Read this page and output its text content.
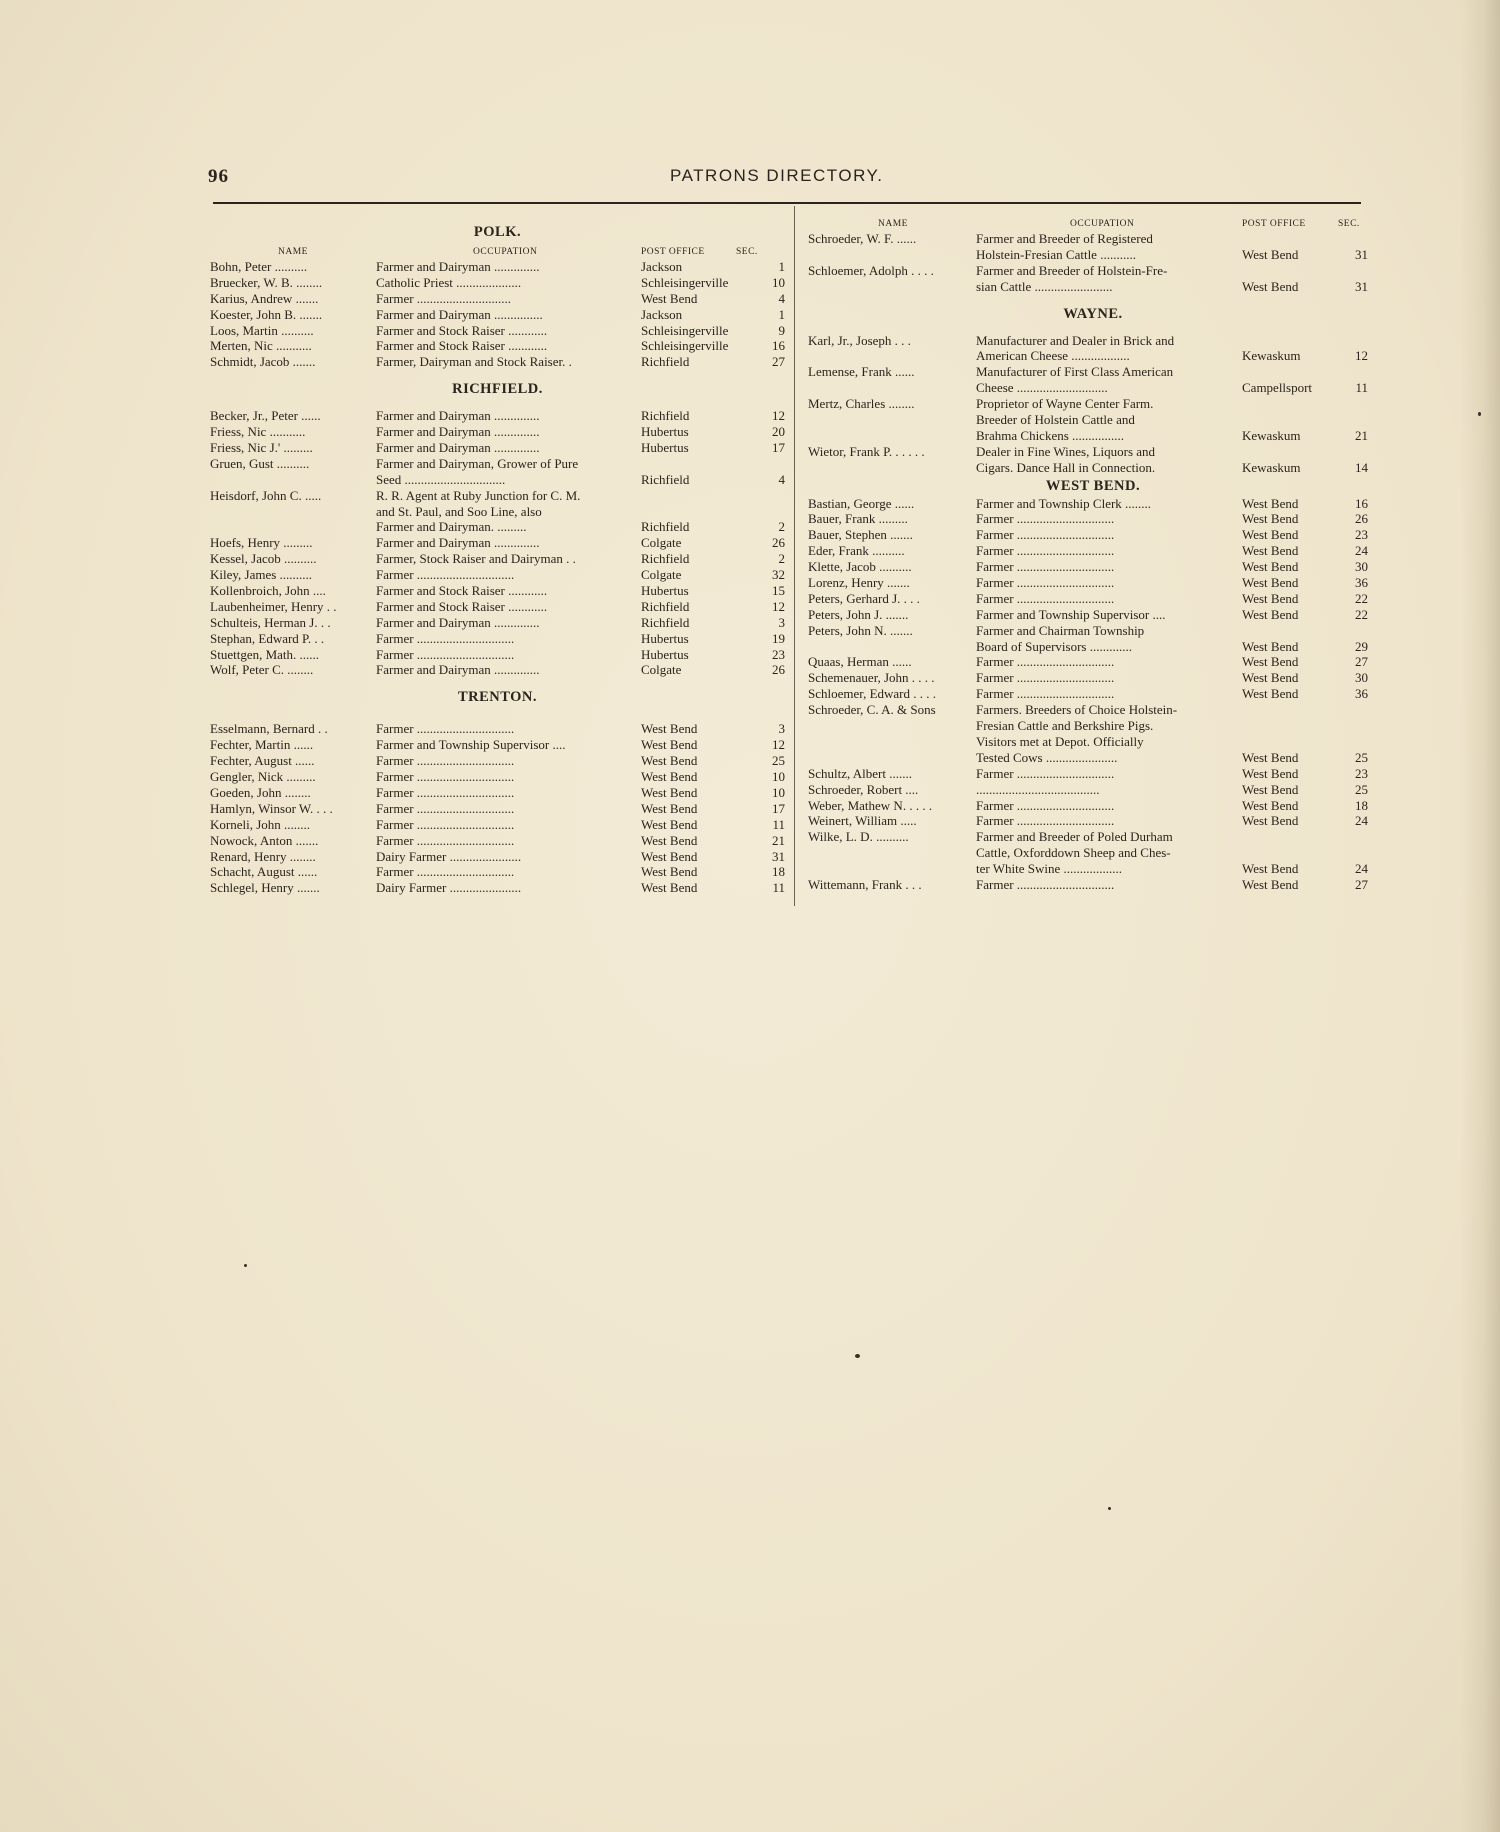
96	PATRONS DIRECTORY.
POLK.
NAME	OCCUPATION	POST OFFICE	SEC.
Bohn, Peter ..........	Farmer and Dairyman ..............	Jackson	1
Bruecker, W. B. ........	Catholic Priest ....................	Schleisingerville	10
Karius, Andrew .......	Farmer .............................	West Bend	4
Koester, John B. .......	Farmer and Dairyman ...............	Jackson	1
Loos, Martin ..........	Farmer and Stock Raiser ............	Schleisingerville	9
Merten, Nic ...........	Farmer and Stock Raiser ............	Schleisingerville	16
Schmidt, Jacob .......	Farmer, Dairyman and Stock Raiser. .	Richfield	27
RICHFIELD.
Becker, Jr., Peter ......	Farmer and Dairyman ..............	Richfield	12
Friess, Nic ...........	Farmer and Dairyman ..............	Hubertus	20
Friess, Nic J.' .........	Farmer and Dairyman ..............	Hubertus	17
Gruen, Gust ..........	Farmer and Dairyman, Grower of Pure
Seed ...............................	Richfield	4
Heisdorf, John C. .....	R. R. Agent at Ruby Junction for C. M.
and St. Paul, and Soo Line, also
Farmer and Dairyman. .........	Richfield	2
Hoefs, Henry .........	Farmer and Dairyman ..............	Colgate	26
Kessel, Jacob ..........	Farmer, Stock Raiser and Dairyman . .	Richfield	2
Kiley, James ..........	Farmer ..............................	Colgate	32
Kollenbroich, John ....	Farmer and Stock Raiser ............	Hubertus	15
Laubenheimer, Henry . .	Farmer and Stock Raiser ............	Richfield	12
Schulteis, Herman J. . .	Farmer and Dairyman ..............	Richfield	3
Stephan, Edward P. . .	Farmer ..............................	Hubertus	19
Stuettgen, Math. ......	Farmer ..............................	Hubertus	23
Wolf, Peter C. ........	Farmer and Dairyman ..............	Colgate	26
TRENTON.
Esselmann, Bernard . .	Farmer ..............................	West Bend	3
Fechter, Martin ......	Farmer and Township Supervisor ....	West Bend	12
Fechter, August ......	Farmer ..............................	West Bend	25
Gengler, Nick .........	Farmer ..............................	West Bend	10
Goeden, John ........	Farmer ..............................	West Bend	10
Hamlyn, Winsor W. . . .	Farmer ..............................	West Bend	17
Korneli, John ........	Farmer ..............................	West Bend	11
Nowock, Anton .......	Farmer ..............................	West Bend	21
Renard, Henry ........	Dairy Farmer ......................	West Bend	31
Schacht, August ......	Farmer ..............................	West Bend	18
Schlegel, Henry .......	Dairy Farmer ......................	West Bend	11
NAME	OCCUPATION	POST OFFICE	SEC.
Schroeder, W. F. ......	Farmer and Breeder of Registered
Holstein-Fresian Cattle ...........	West Bend	31
Schloemer, Adolph . . . .	Farmer and Breeder of Holstein-Fre-
sian Cattle ........................	West Bend	31
WAYNE.
Karl, Jr., Joseph . . .	Manufacturer and Dealer in Brick and
American Cheese ..................	Kewaskum	12
Lemense, Frank ......	Manufacturer of First Class American
Cheese ............................	Campellsport	11
Mertz, Charles ........	Proprietor of Wayne Center Farm.
Breeder of Holstein Cattle and
Brahma Chickens ................	Kewaskum	21
Wietor, Frank P. . . . . .	Dealer in Fine Wines, Liquors and
Cigars. Dance Hall in Connection.	Kewaskum	14
WEST BEND.
Bastian, George ......	Farmer and Township Clerk ........	West Bend	16
Bauer, Frank .........	Farmer ..............................	West Bend	26
Bauer, Stephen .......	Farmer ..............................	West Bend	23
Eder, Frank ..........	Farmer ..............................	West Bend	24
Klette, Jacob ..........	Farmer ..............................	West Bend	30
Lorenz, Henry .......	Farmer ..............................	West Bend	36
Peters, Gerhard J. . . .	Farmer ..............................	West Bend	22
Peters, John J. .......	Farmer and Township Supervisor ....	West Bend	22
Peters, John N. .......	Farmer and Chairman Township
Board of Supervisors .............	West Bend	29
Quaas, Herman ......	Farmer ..............................	West Bend	27
Schemenauer, John . . . .	Farmer ..............................	West Bend	30
Schloemer, Edward . . . .	Farmer ..............................	West Bend	36
Schroeder, C. A. & Sons	Farmers. Breeders of Choice Holstein-
Fresian Cattle and Berkshire Pigs.
Visitors met at Depot. Officially
Tested Cows ......................	West Bend	25
Schultz, Albert .......	Farmer ..............................	West Bend	23
Schroeder, Robert ....	......................................	West Bend	25
Weber, Mathew N. . . . .	Farmer ..............................	West Bend	18
Weinert, William .....	Farmer ..............................	West Bend	24
Wilke, L. D. ..........	Farmer and Breeder of Poled Durham
Cattle, Oxforddown Sheep and Ches-
ter White Swine ..................	West Bend	24
Wittemann, Frank . . .	Farmer ..............................	West Bend	27
